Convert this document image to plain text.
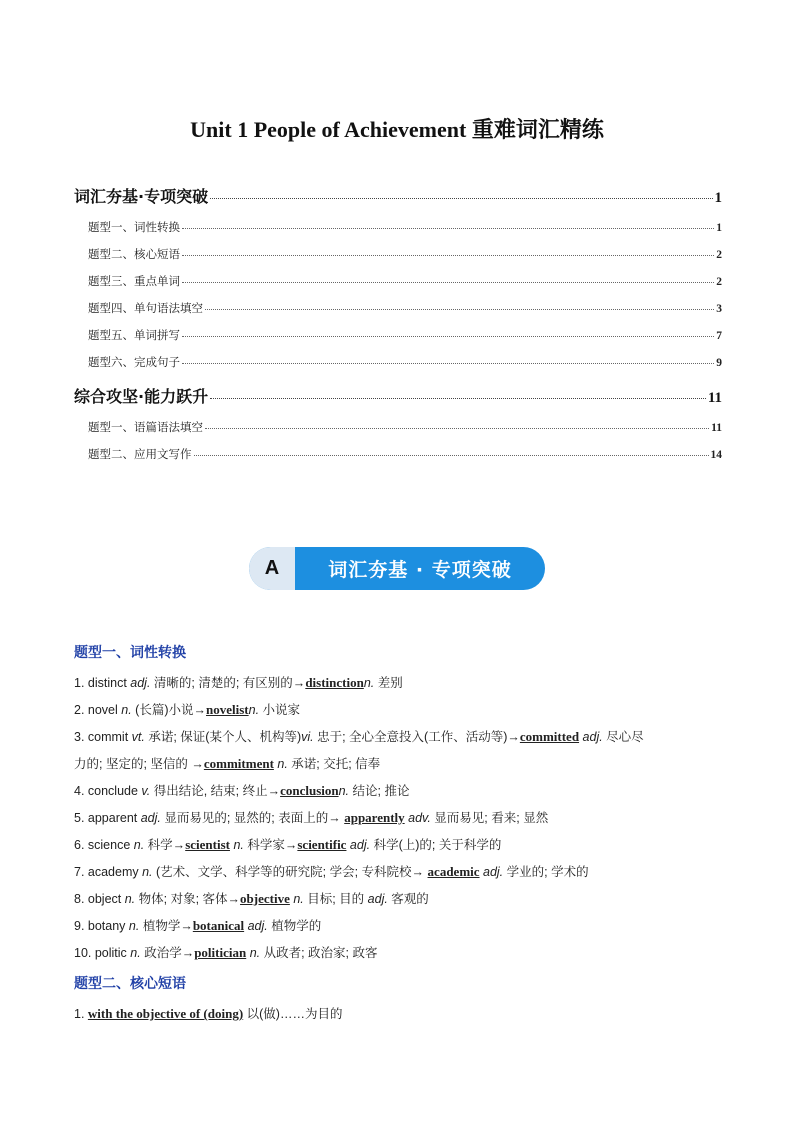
Unit 1 People of Achievement 重难词汇精练
词汇夯基·专项突破	1
题型一、词性转换	1
题型二、核心短语	2
题型三、重点单词	2
题型四、单句语法填空	3
题型五、单词拼写	7
题型六、完成句子	9
综合攻坚·能力跃升	11
题型一、语篇语法填空	11
题型二、应用文写作	14
A	词汇夯基 · 专项突破
题型一、词性转换
1. distinct adj. 清晰的; 清楚的; 有区别的→distinctionn. 差别
2. novel n. (长篇)小说→novelistn. 小说家
3. commit vt. 承诺; 保证(某个人、机构等)vi. 忠于; 全心全意投入(工作、活动等)→committed adj. 尽心尽
力的; 坚定的; 坚信的 →commitment n. 承诺; 交托; 信奉
4. conclude v. 得出结论, 结束; 终止→conclusionn. 结论; 推论
5. apparent adj. 显而易见的; 显然的; 表面上的→ apparently adv. 显而易见; 看来; 显然
6. science n. 科学→scientist n. 科学家→scientific adj. 科学(上)的; 关于科学的
7. academy n. (艺术、文学、科学等的研究院; 学会; 专科院校→ academic adj. 学业的; 学术的
8. object n. 物体; 对象; 客体→objective n. 目标; 目的 adj. 客观的
9. botany n. 植物学→botanical adj. 植物学的
10. politic n. 政治学→politician n. 从政者; 政治家; 政客
题型二、核心短语
1. with the objective of (doing) 以(做)……为目的
